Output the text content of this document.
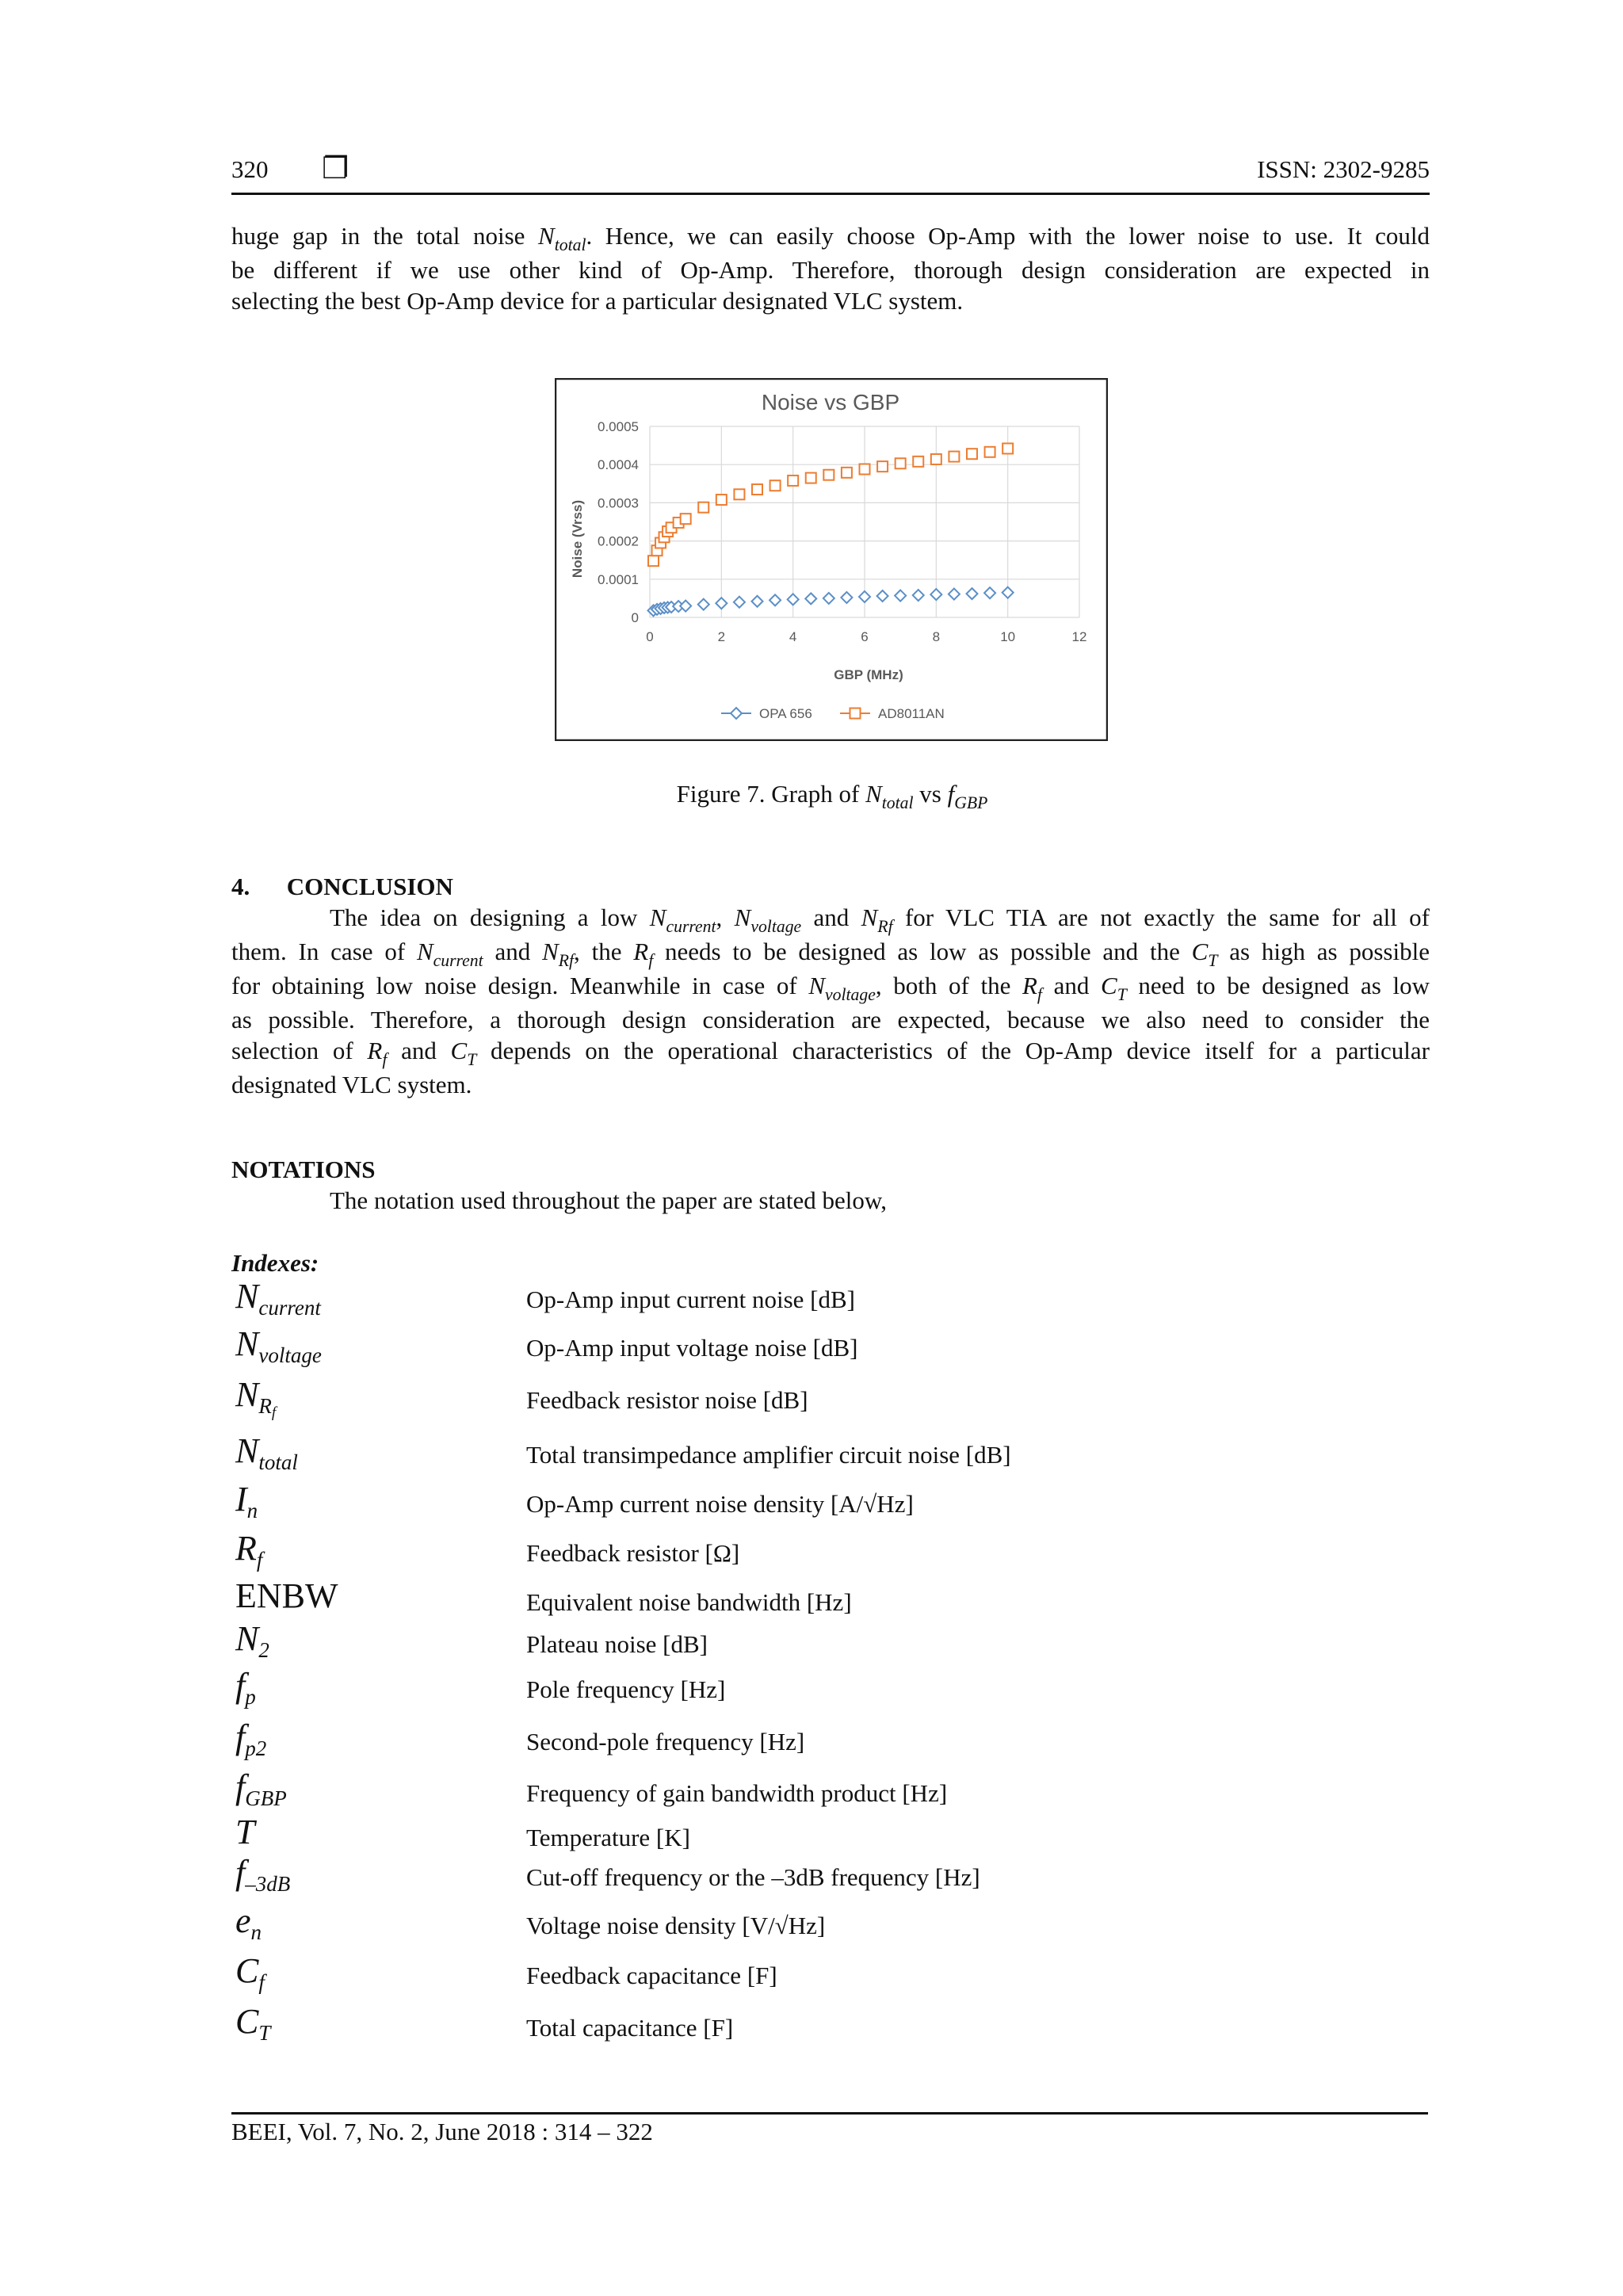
320 ❐	ISSN: 2302-9285
huge gap in the total noise $N_{total}$. Hence, we can easily choose Op-Amp with the lower noise to use. It could
be different if we use other kind of Op-Amp. Therefore, thorough design consideration are expected in
selecting the best Op-Amp device for a particular designated VLC system.
Noise vs GBP
0
0.0001
0.0002
0.0003
0.0004
0.0005
0	2	4	6	8	10	12
Noise (Vrss)
GBP (MHz)
OPA 656	AD8011AN
Figure 7. Graph of $N_{total}$ vs $f_{GBP}$
4.      CONCLUSION
The idea on designing a low $N_{current}$, $N_{voltage}$ and $N_{Rf}$ for VLC TIA are not exactly the same for all of
them. In case of $N_{current}$ and $N_{Rf}$, the $R_f$ needs to be designed as low as possible and the $C_T$ as high as possible
for obtaining low noise design. Meanwhile in case of $N_{voltage}$, both of the $R_f$ and $C_T$ need to be designed as low
as possible. Therefore, a thorough design consideration are expected, because we also need to consider the
selection of $R_f$ and $C_T$ depends on the operational characteristics of the Op-Amp device itself for a particular
designated VLC system.
NOTATIONS
The notation used throughout the paper are stated below,
Indexes:
$N_{current}$	Op-Amp input current noise [dB]
$N_{voltage}$	Op-Amp input voltage noise [dB]
$N_{Rf}$	Feedback resistor noise [dB]
$N_{total}$	Total transimpedance amplifier circuit noise [dB]
$I_n$	Op-Amp current noise density [A/√Hz]
$R_f$	Feedback resistor [Ω]
ENBW	Equivalent noise bandwidth [Hz]
$N_2$	Plateau noise [dB]
$f_p$	Pole frequency [Hz]
$f_{p2}$	Second-pole frequency [Hz]
$f_{GBP}$	Frequency of gain bandwidth product [Hz]
T	Temperature [K]
$f_{-3dB}$	Cut-off frequency or the –3dB frequency [Hz]
$e_n$	Voltage noise density [V/√Hz]
$C_f$	Feedback capacitance [F]
$C_T$	Total capacitance [F]
BEEI, Vol. 7, No. 2, June 2018 : 314 – 322
